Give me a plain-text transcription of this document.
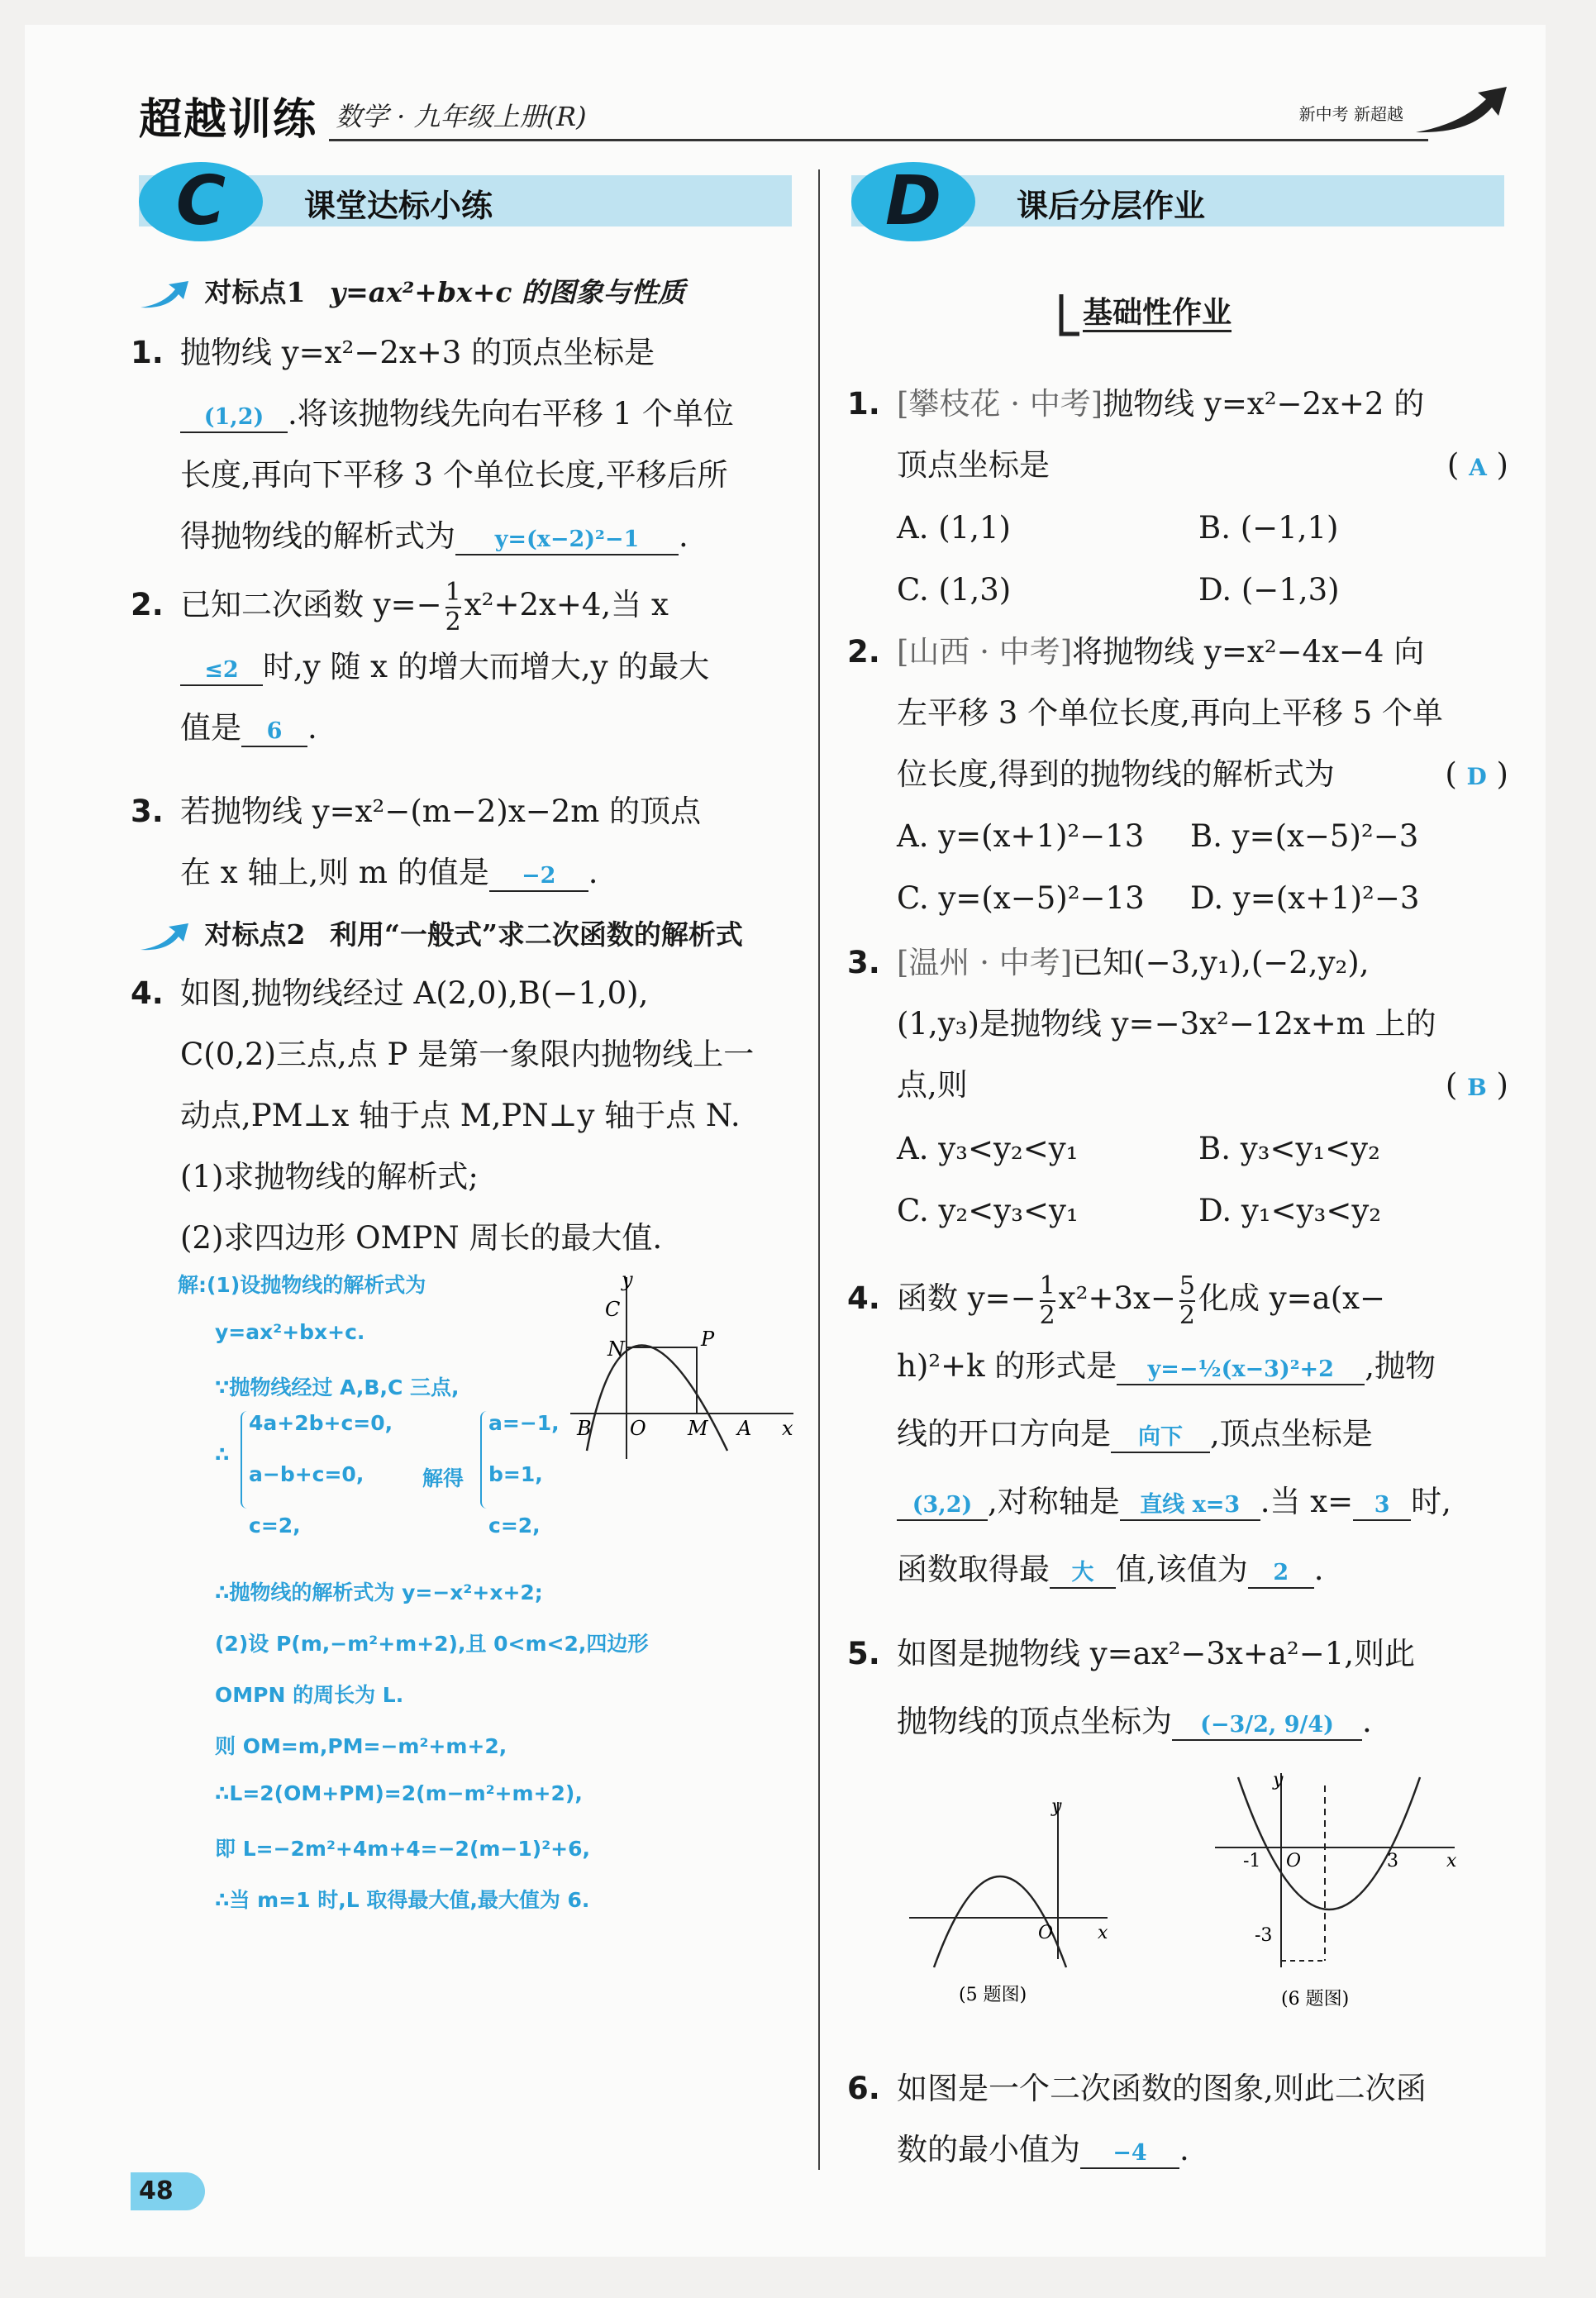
超越训练 数学 · 九年级上册(R)	新中考 新超越
C	课堂达标小练	D	课后分层作业
对标点1 y=ax²+bx+c 的图象与性质
1. 抛物线 y=x²−2x+3 的顶点坐标是
(1,2) .将该抛物线先向右平移 1 个单位
长度,再向下平移 3 个单位长度,平移后所
得抛物线的解析式为 y=(x−2)²−1 .
2. 已知二次函数 $y=- \frac{1}{2} x^2+2x+4$,当 x
≤2 时,y 随 x 的增大而增大,y 的最大
值是 6 .
3. 若抛物线 y=x²−(m−2)x−2m 的顶点
在 x 轴上,则 m 的值是 −2 .
对标点2 利用“一般式”求二次函数的解析式
4. 如图,抛物线经过 A(2,0),B(−1,0),
C(0,2)三点,点 P 是第一象限内抛物线上一
动点,PM⊥x 轴于点 M,PN⊥y 轴于点 N.
(1)求抛物线的解析式;
(2)求四边形 OMPN 周长的最大值.
解:(1)设抛物线的解析式为
y=ax²+bx+c.
∵抛物线经过 A,B,C 三点,
∴
4a+2b+c=0,
a−b+c=0,
c=2,
解得
a=−1,
b=1,
c=2,
∴抛物线的解析式为 y=−x²+x+2;
(2)设 P(m,−m²+m+2),且 0<m<2,四边形
OMPN 的周长为 L.
则 OM=m,PM=−m²+m+2,
∴L=2(OM+PM)=2(m−m²+m+2),
即 L=−2m²+4m+4=−2(m−1)²+6,
∴当 m=1 时,L 取得最大值,最大值为 6.
y
x
C
N	P
B O M A
基础性作业
1. [攀枝花 · 中考]抛物线 y=x²−2x+2 的
顶点坐标是	( A )
A. (1,1)	B. (−1,1)
C. (1,3)	D. (−1,3)
2. [山西 · 中考]将抛物线 y=x²−4x−4 向
左平移 3 个单位长度,再向上平移 5 个单
位长度,得到的抛物线的解析式为	( D )
A. y=(x+1)²−13 B. y=(x−5)²−3
C. y=(x−5)²−13 D. y=(x+1)²−3
3. [温州 · 中考]已知(−3,y₁),(−2,y₂),
(1,y₃)是抛物线 y=−3x²−12x+m 上的
点,则	( B )
A. y₃<y₂<y₁	B. y₃<y₁<y₂
C. y₂<y₃<y₁	D. y₁<y₃<y₂
4. 函数 $y=- \frac{1}{2} x^2+3x- \frac{5}{2}$ 化成 y=a(x−
h)²+k 的形式是 y=−½(x−3)²+2 ,抛物
线的开口方向是 向下 ,顶点坐标是
(3,2) ,对称轴是 直线 x=3 .当 x= 3 时,
函数取得最 大 值,该值为 2 .
5. 如图是抛物线 y=ax²−3x+a²−1,则此
抛物线的顶点坐标为 (−3/2, 9/4) .
y
x
O
(5 题图)
y
x
O
-1	3
-3
(6 题图)
6. 如图是一个二次函数的图象,则此二次函
数的最小值为 −4 .
48
